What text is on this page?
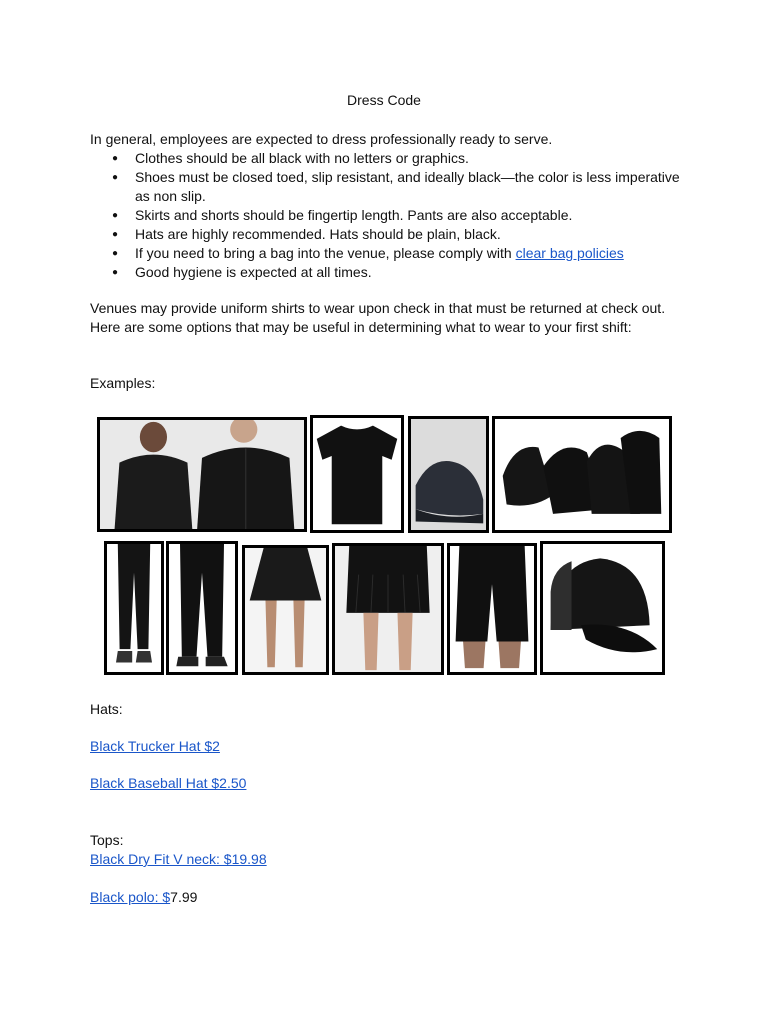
Dress Code
In general, employees are expected to dress professionally ready to serve.
● Clothes should be all black with no letters or graphics.
● Shoes must be closed toed, slip resistant, and ideally black—the color is less imperative as non slip.
● Skirts and shorts should be fingertip length. Pants are also acceptable.
● Hats are highly recommended. Hats should be plain, black.
● If you need to bring a bag into the venue, please comply with clear bag policies
● Good hygiene is expected at all times.
Venues may provide uniform shirts to wear upon check in that must be returned at check out. Here are some options that may be useful in determining what to wear to your first shift:
Examples:
Hats:
Black Trucker Hat $2
Black Baseball Hat $2.50
Tops:
Black Dry Fit V neck: $19.98
Black polo: $7.99
